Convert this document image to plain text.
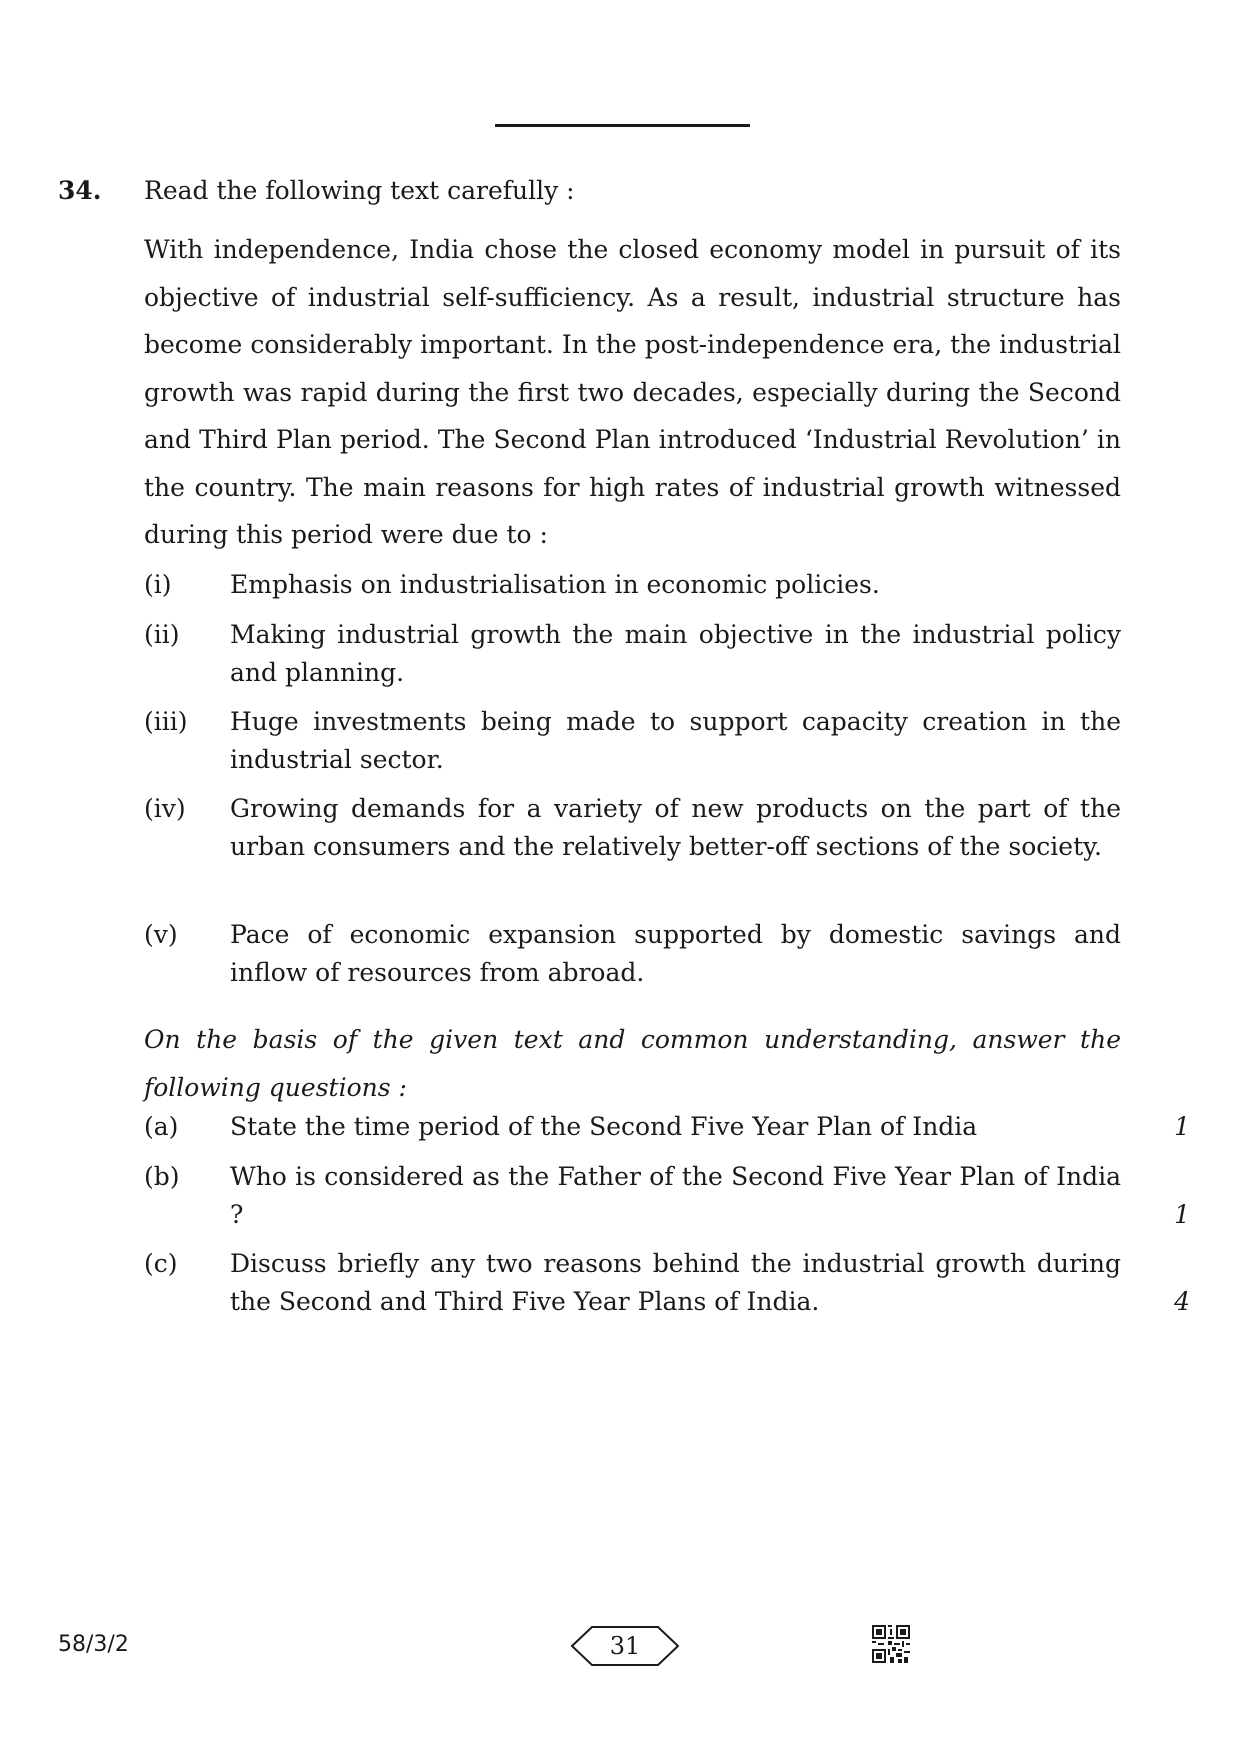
34. Read the following text carefully :

With independence, India chose the closed economy model in pursuit of its objective of industrial self-sufficiency. As a result, industrial structure has become considerably important. In the post-independence era, the industrial growth was rapid during the first two decades, especially during the Second and Third Plan period. The Second Plan introduced ‘Industrial Revolution’ in the country. The main reasons for high rates of industrial growth witnessed during this period were due to :

(i) Emphasis on industrialisation in economic policies.
(ii) Making industrial growth the main objective in the industrial policy and planning.
(iii) Huge investments being made to support capacity creation in the industrial sector.
(iv) Growing demands for a variety of new products on the part of the urban consumers and the relatively better-off sections of the society.
(v) Pace of economic expansion supported by domestic savings and inflow of resources from abroad.

On the basis of the given text and common understanding, answer the following questions :

(a) State the time period of the Second Five Year Plan of India	1
(b) Who is considered as the Father of the Second Five Year Plan of India ?	1
(c) Discuss briefly any two reasons behind the industrial growth during the Second and Third Five Year Plans of India.	4
58/3/2	31
